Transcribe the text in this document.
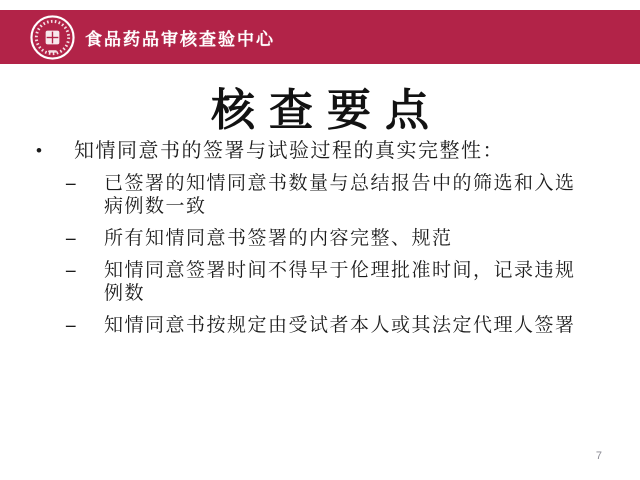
食品药品审核查验中心
核查要点
•	知情同意书的签署与试验过程的真实完整性：
–	已签署的知情同意书数量与总结报告中的筛选和入选病例数一致
–	所有知情同意书签署的内容完整、规范
–	知情同意签署时间不得早于伦理批准时间，记录违规例数
–	知情同意书按规定由受试者本人或其法定代理人签署
7
